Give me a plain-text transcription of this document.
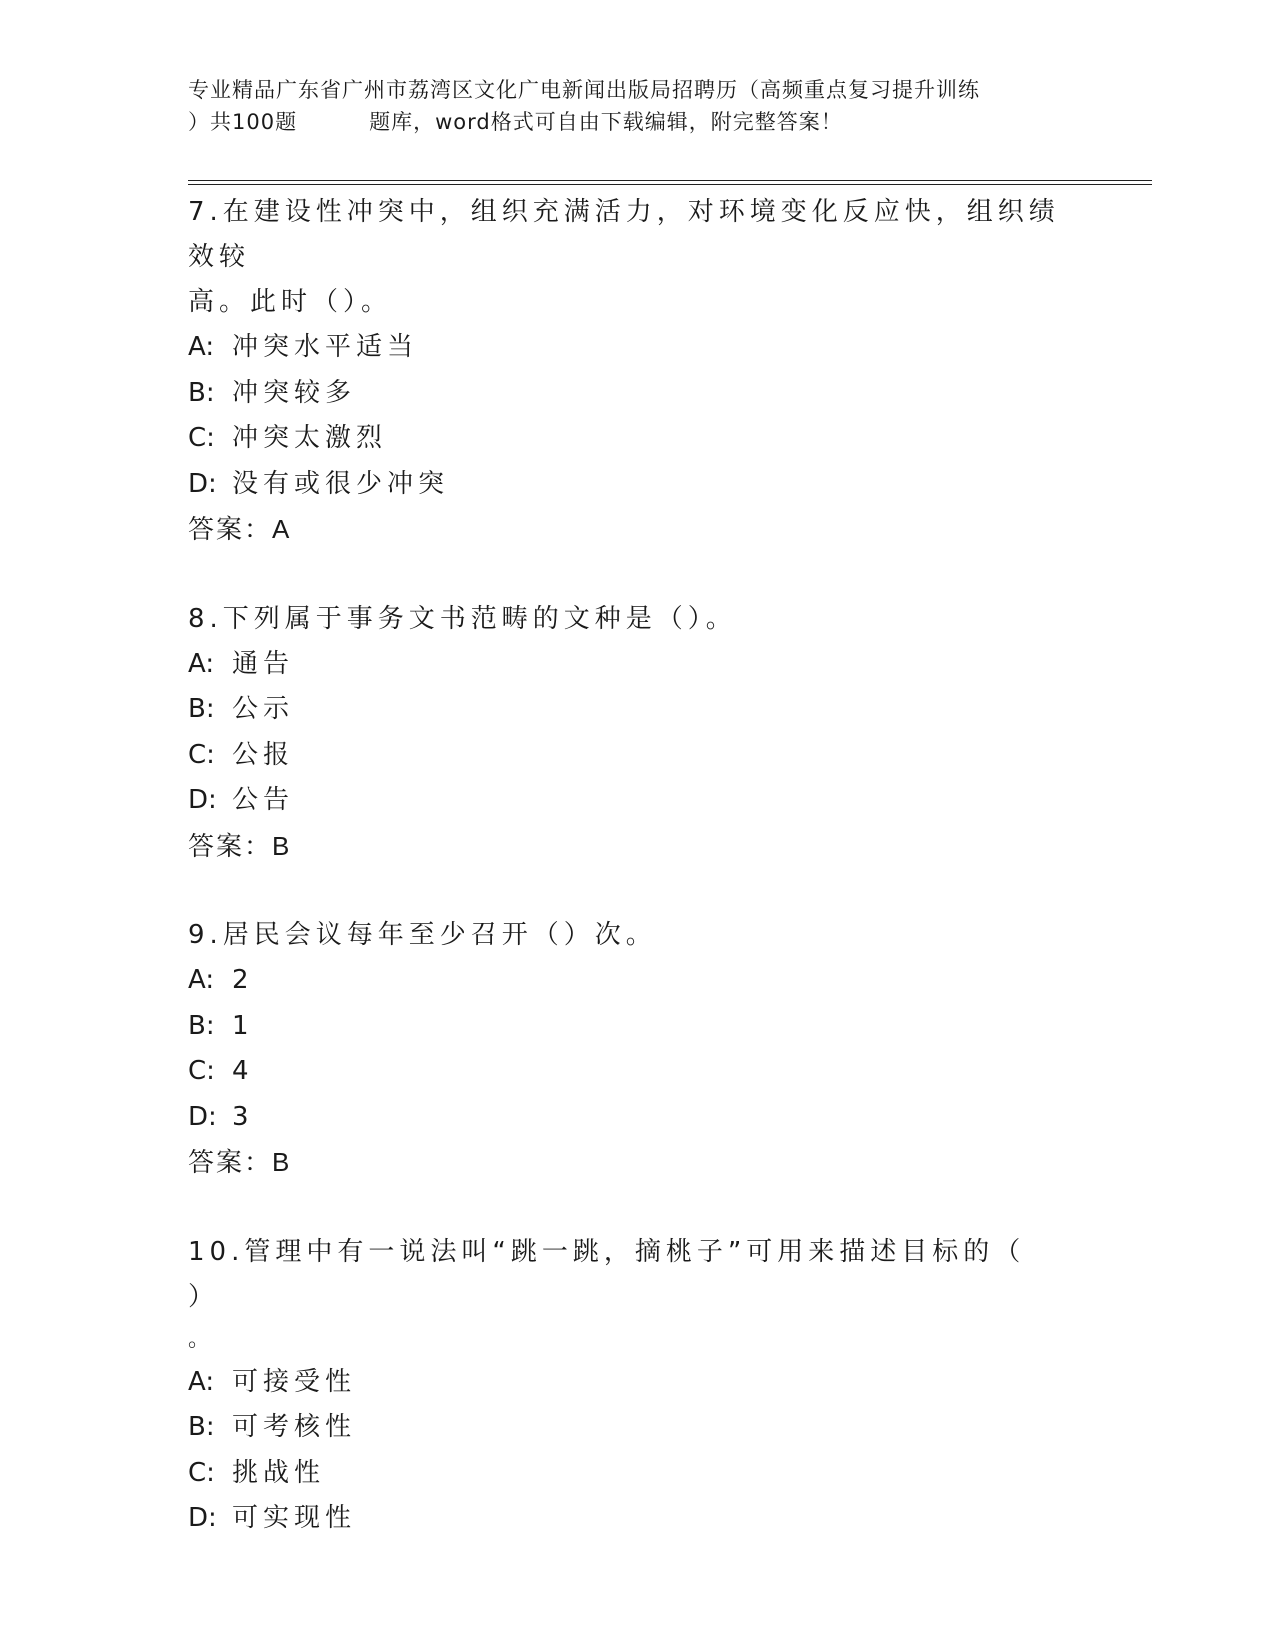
专业精品广东省广州市荔湾区文化广电新闻出版局招聘历（高频重点复习提升训练
）共100题	题库，word格式可自由下载编辑，附完整答案！

7.在建设性冲突中，组织充满活力，对环境变化反应快，组织绩效较

高。此时（）。

A: 冲突水平适当

B: 冲突较多

C: 冲突太激烈

D: 没有或很少冲突

答案：A

8.下列属于事务文书范畴的文种是（）。

A: 通告

B: 公示

C: 公报

D: 公告

答案：B

9.居民会议每年至少召开（）次。

A: 2

B: 1

C: 4

D: 3

答案：B

10.管理中有一说法叫“跳一跳，摘桃子”可用来描述目标的（）

。

A: 可接受性

B: 可考核性

C: 挑战性

D: 可实现性
